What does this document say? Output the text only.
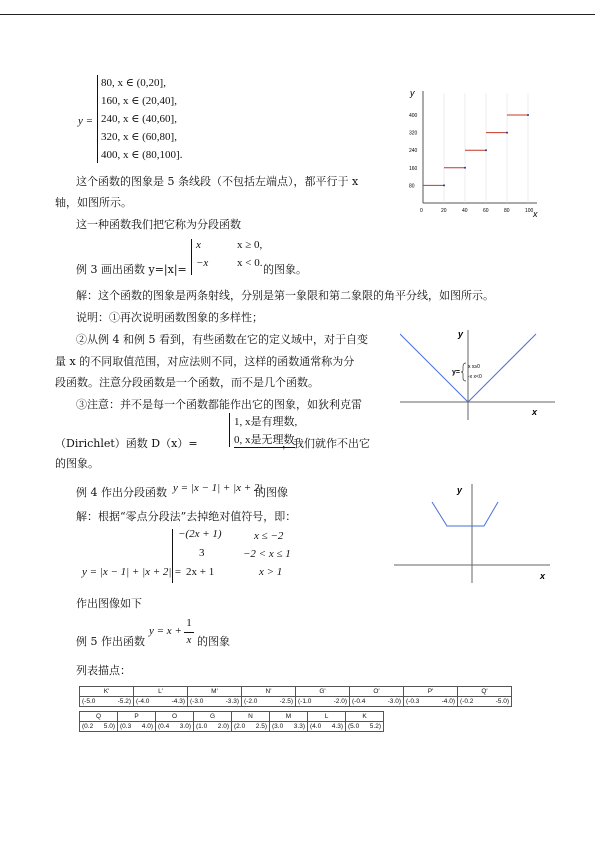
y =
80, x ∈ (0,20],
160, x ∈ (20,40],
240, x ∈ (40,60],
320, x ∈ (60,80],
400, x ∈ (80,100].
y
x
0	20	40	60	80	100
80
160
240
320
400
这个函数的图象是 5 条线段（不包括左端点），都平行于 x
轴，如图所示。
这一种函数我们把它称为分段函数
例 3 画出函数 y=|x|=
x	x ≥ 0,
−x	x < 0. 的图象。
解：这个函数的图象是两条射线，分别是第一象限和第二象限的角平分线，如图所示。
说明：①再次说明函数图象的多样性；
②从例 4 和例 5 看到，有些函数在它的定义域中，对于自变
量 x 的不同取值范围，对应法则不同，这样的函数通常称为分
段函数。注意分段函数是一个函数，而不是几个函数。
y
x
y=
x x≥0
-x x<0
③注意：并不是每一个函数都能作出它的图象，如狄利克雷
1, x是有理数,
0, x是无理数
（Dirichlet）函数 D（x）=	，我们就作不出它
的图象。
例 4 作出分段函数 y = |x − 1| + |x + 2|
的图像
解：根据“零点分段法”去掉绝对值符号，即：
y = |x − 1| + |x + 2| =
−(2x + 1)	x ≤ −2
3	−2 < x ≤ 1
2x + 1	x > 1
y
x
作出图像如下
例 5 作出函数
y = x +
1
x 的图象
列表描点：
K'	L'	M'	N'	G'	O'	P'	Q'

(-5.0 -5.2)	(-4.0 -4.3)	(-3.0 -3.3)	(-2.0 -2.5)	(-1.0 -2.0)	(-0.4 -3.0)	(-0.3 -4.0)	(-0.2 -5.0)
Q	P	O	G	N	M	L	K

(0.2 5.0)	(0.3 4.0)	(0.4 3.0)	(1.0 2.0)	(2.0 2.5)	(3.0 3.3)	(4.0 4.3)	(5.0 5.2)
